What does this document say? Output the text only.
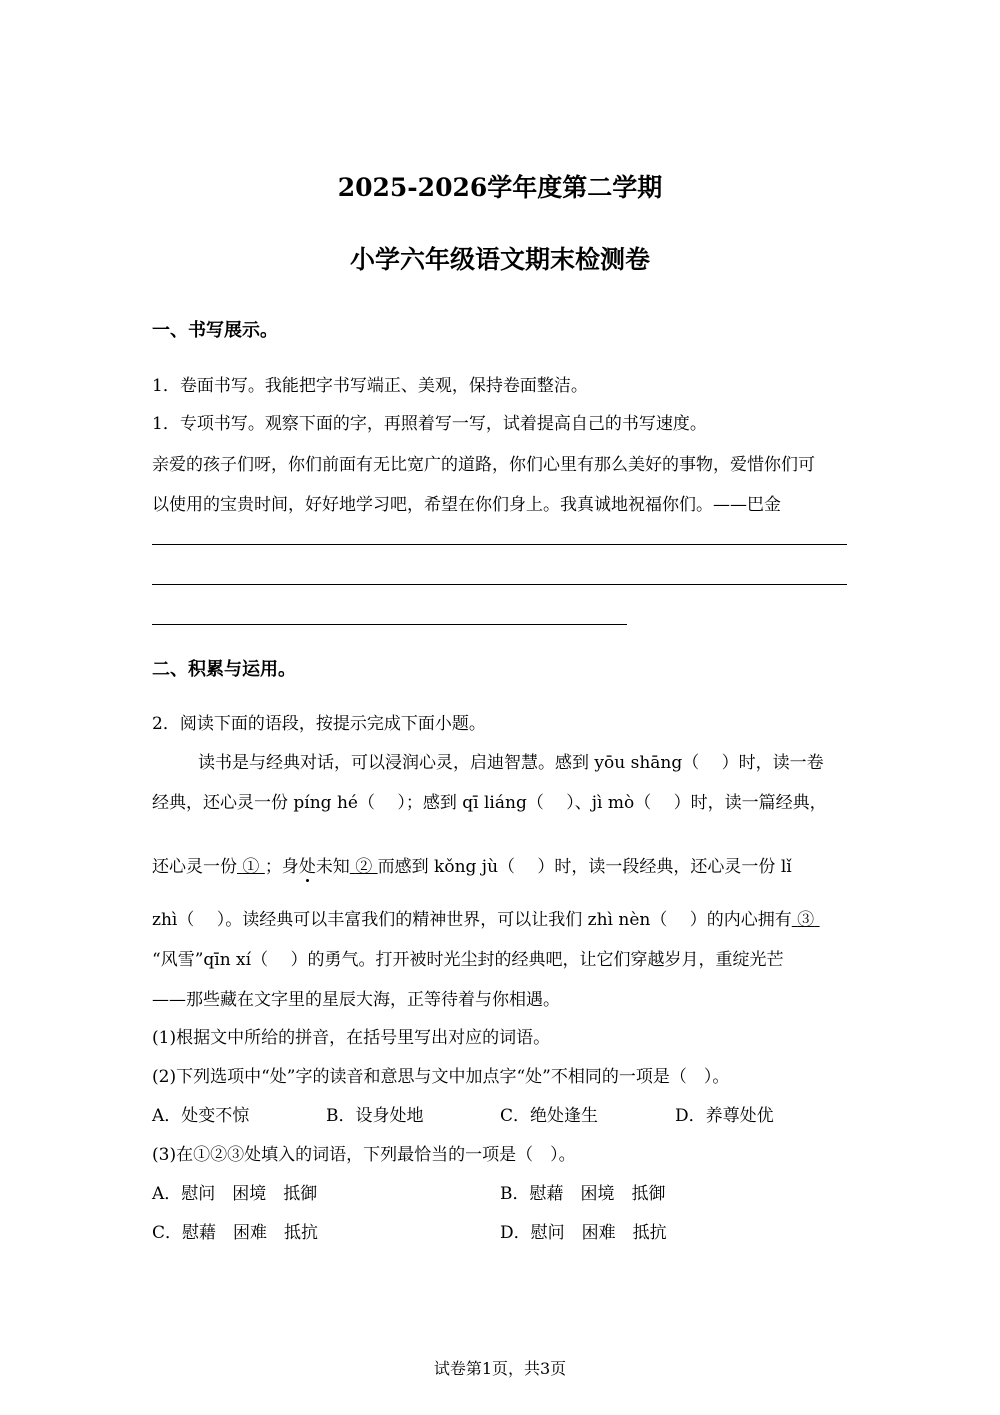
2025-2026学年度第二学期
小学六年级语文期末检测卷
一、书写展示。
1．卷面书写。我能把字书写端正、美观，保持卷面整洁。
1．专项书写。观察下面的字，再照着写一写，试着提高自己的书写速度。
亲爱的孩子们呀，你们前面有无比宽广的道路，你们心里有那么美好的事物，爱惜你们可
以使用的宝贵时间，好好地学习吧，希望在你们身上。我真诚地祝福你们。——巴金
二、积累与运用。
2．阅读下面的语段，按提示完成下面小题。
读书是与经典对话，可以浸润心灵，启迪智慧。感到 yōu shāng（　 ）时，读一卷
经典，还心灵一份 píng hé（　 ）；感到 qī liáng（　 ）、jì mò（　 ）时，读一篇经典，
还心灵一份 ① ；身处未知 ② 而感到 kǒng jù（　 ）时，读一段经典，还心灵一份 lǐ
zhì（　 ）。读经典可以丰富我们的精神世界，可以让我们 zhì nèn（　 ）的内心拥有 ③
“风雪”qīn xí（　 ）的勇气。打开被时光尘封的经典吧，让它们穿越岁月，重绽光芒
——那些藏在文字里的星辰大海，正等待着与你相遇。
(1)根据文中所给的拼音，在括号里写出对应的词语。
(2)下列选项中“处”字的读音和意思与文中加点字“处”不相同的一项是（　）。
A．处变不惊	B．设身处地	C．绝处逢生	D．养尊处优
(3)在①②③处填入的词语，下列最恰当的一项是（　）。
A．慰问　困境　抵御	B．慰藉　困境　抵御
C．慰藉　困难　抵抗	D．慰问　困难　抵抗
试卷第1页，共3页
